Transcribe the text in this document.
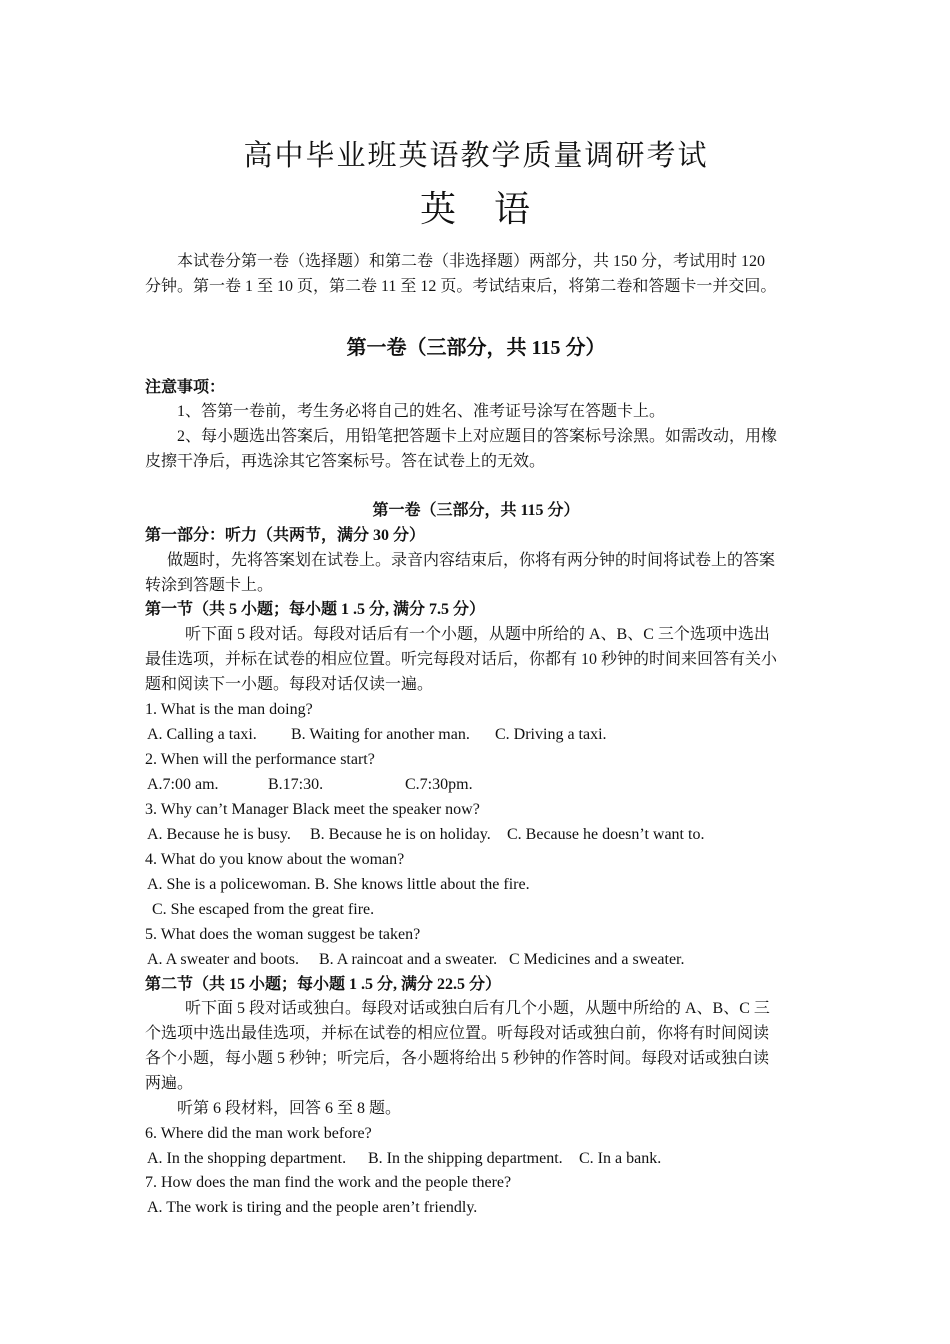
高中毕业班英语教学质量调研考试
英 语
本试卷分第一卷（选择题）和第二卷（非选择题）两部分，共 150 分，考试用时 120
分钟。第一卷 1 至 10 页，第二卷 11 至 12 页。考试结束后，将第二卷和答题卡一并交回。
第一卷（三部分，共 115 分）
注意事项：
1、答第一卷前，考生务必将自己的姓名、准考证号涂写在答题卡上。
2、每小题选出答案后，用铅笔把答题卡上对应题目的答案标号涂黑。如需改动，用橡
皮擦干净后，再选涂其它答案标号。答在试卷上的无效。
第一卷（三部分，共 115 分）
第一部分：听力（共两节，满分 30 分）
做题时，先将答案划在试卷上。录音内容结束后，你将有两分钟的时间将试卷上的答案
转涂到答题卡上。
第一节（共 5 小题；每小题 1 .5 分, 满分 7.5 分）
听下面 5 段对话。每段对话后有一个小题，从题中所给的 A、B、C 三个选项中选出
最佳选项，并标在试卷的相应位置。听完每段对话后，你都有 10 秒钟的时间来回答有关小
题和阅读下一小题。每段对话仅读一遍。
1. What is the man doing?
A. Calling a taxi. B. Waiting for another man. C. Driving a taxi.
2. When will the performance start?
A.7:00 am.	B.17:30.	C.7:30pm.
3. Why can’t Manager Black meet the speaker now?
A. Because he is busy. B. Because he is on holiday. C. Because he doesn’t want to.
4. What do you know about the woman?
A. She is a policewoman. B. She knows little about the fire.
C. She escaped from the great fire.
5. What does the woman suggest be taken?
A. A sweater and boots. B. A raincoat and a sweater. C Medicines and a sweater.
第二节（共 15 小题；每小题 1 .5 分, 满分 22.5 分）
听下面 5 段对话或独白。每段对话或独白后有几个小题，从题中所给的 A、B、C 三
个选项中选出最佳选项，并标在试卷的相应位置。听每段对话或独白前，你将有时间阅读
各个小题，每小题 5 秒钟；听完后，各小题将给出 5 秒钟的作答时间。每段对话或独白读
两遍。
听第 6 段材料，回答 6 至 8 题。
6. Where did the man work before?
A. In the shopping department. B. In the shipping department. C. In a bank.
7. How does the man find the work and the people there?
A. The work is tiring and the people aren’t friendly.
